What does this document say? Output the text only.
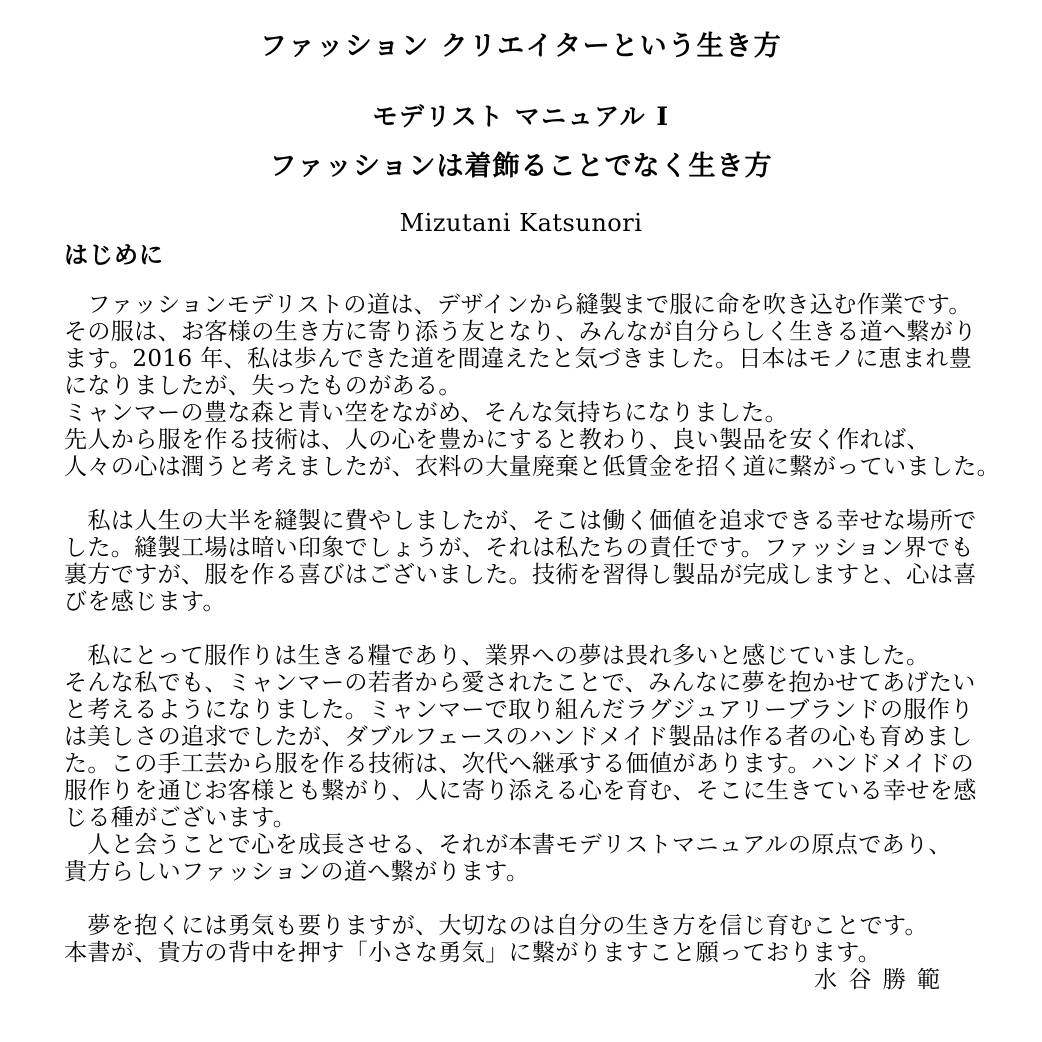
ファッション クリエイターという生き方
モデリスト マニュアル Ⅰ
ファッションは着飾ることでなく生き方
Mizutani Katsunori
はじめに
　ファッションモデリストの道は、デザインから縫製まで服に命を吹き込む作業です。
その服は、お客様の生き方に寄り添う友となり、みんなが自分らしく生きる道へ繋がり
ます。2016 年、私は歩んできた道を間違えたと気づきました。日本はモノに恵まれ豊
になりましたが、失ったものがある。
ミャンマーの豊な森と青い空をながめ、そんな気持ちになりました。
先人から服を作る技術は、人の心を豊かにすると教わり、良い製品を安く作れば、
人々の心は潤うと考えましたが、衣料の大量廃棄と低賃金を招く道に繋がっていました。
　私は人生の大半を縫製に費やしましたが、そこは働く価値を追求できる幸せな場所で
した。縫製工場は暗い印象でしょうが、それは私たちの責任です。ファッション界でも
裏方ですが、服を作る喜びはございました。技術を習得し製品が完成しますと、心は喜
びを感じます。
　私にとって服作りは生きる糧であり、業界への夢は畏れ多いと感じていました。
そんな私でも、ミャンマーの若者から愛されたことで、みんなに夢を抱かせてあげたい
と考えるようになりました。ミャンマーで取り組んだラグジュアリーブランドの服作り
は美しさの追求でしたが、ダブルフェースのハンドメイド製品は作る者の心も育めまし
た。この手工芸から服を作る技術は、次代へ継承する価値があります。ハンドメイドの
服作りを通じお客様とも繋がり、人に寄り添える心を育む、そこに生きている幸せを感
じる種がございます。
　人と会うことで心を成長させる、それが本書モデリストマニュアルの原点であり、
貴方らしいファッションの道へ繋がります。
　夢を抱くには勇気も要りますが、大切なのは自分の生き方を信じ育むことです。
本書が、貴方の背中を押す「小さな勇気」に繋がりますこと願っております。
水 谷 勝 範
